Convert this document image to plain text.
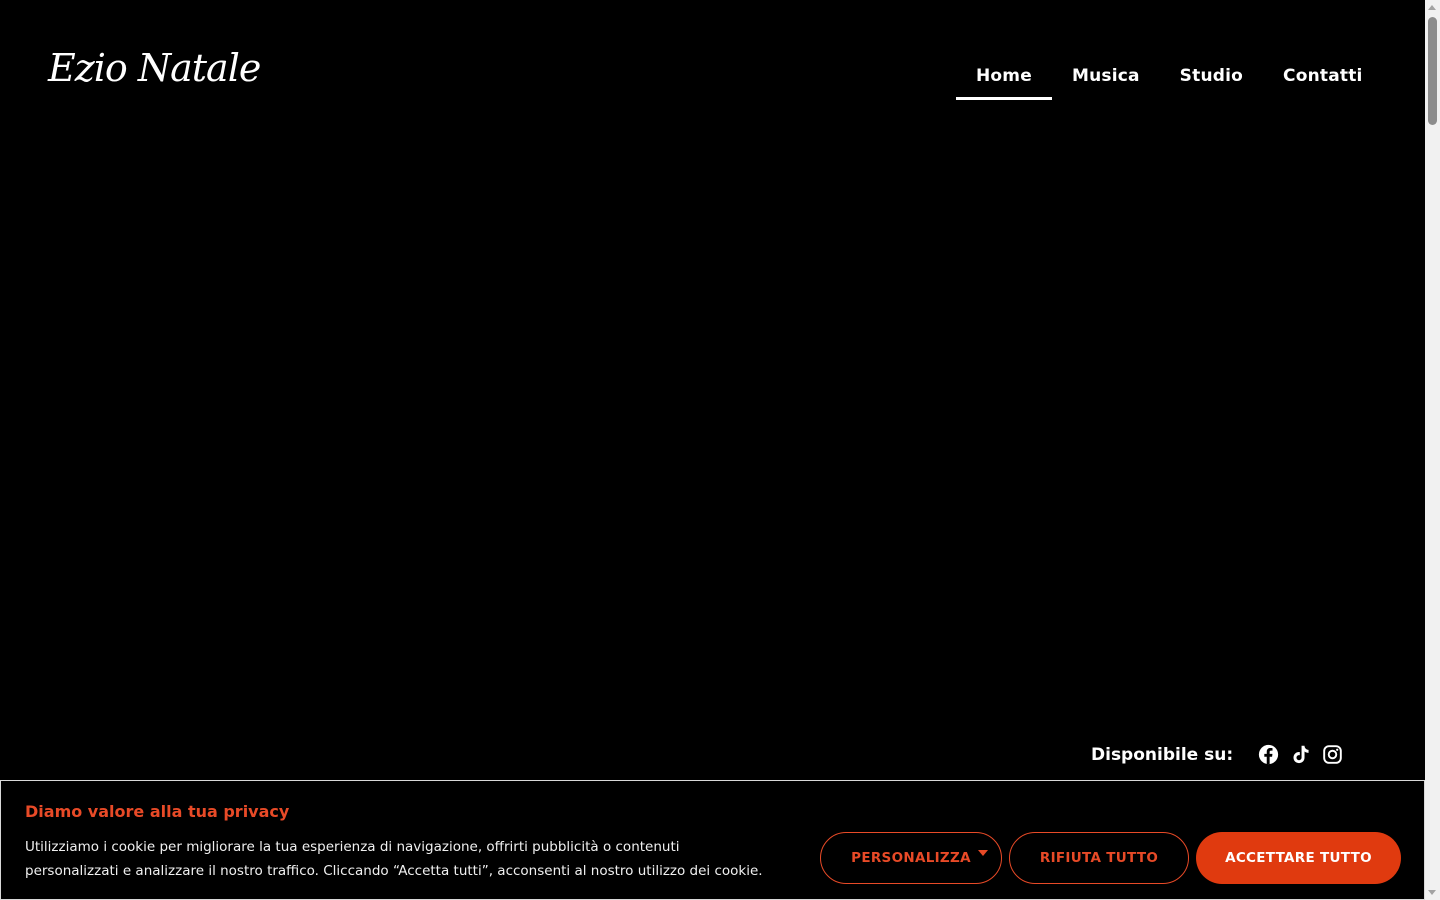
Ezio Natale	Home	Musica	Studio	Contatti
Disponibile su:
Diamo valore alla tua privacy

Utilizziamo i cookie per migliorare la tua esperienza di navigazione, offrirti pubblicità o contenuti personalizzati e analizzare il nostro traffico. Cliccando “Accetta tutti”, acconsenti al nostro utilizzo dei cookie.

PERSONALIZZA	RIFIUTA TUTTO	ACCETTARE TUTTO
